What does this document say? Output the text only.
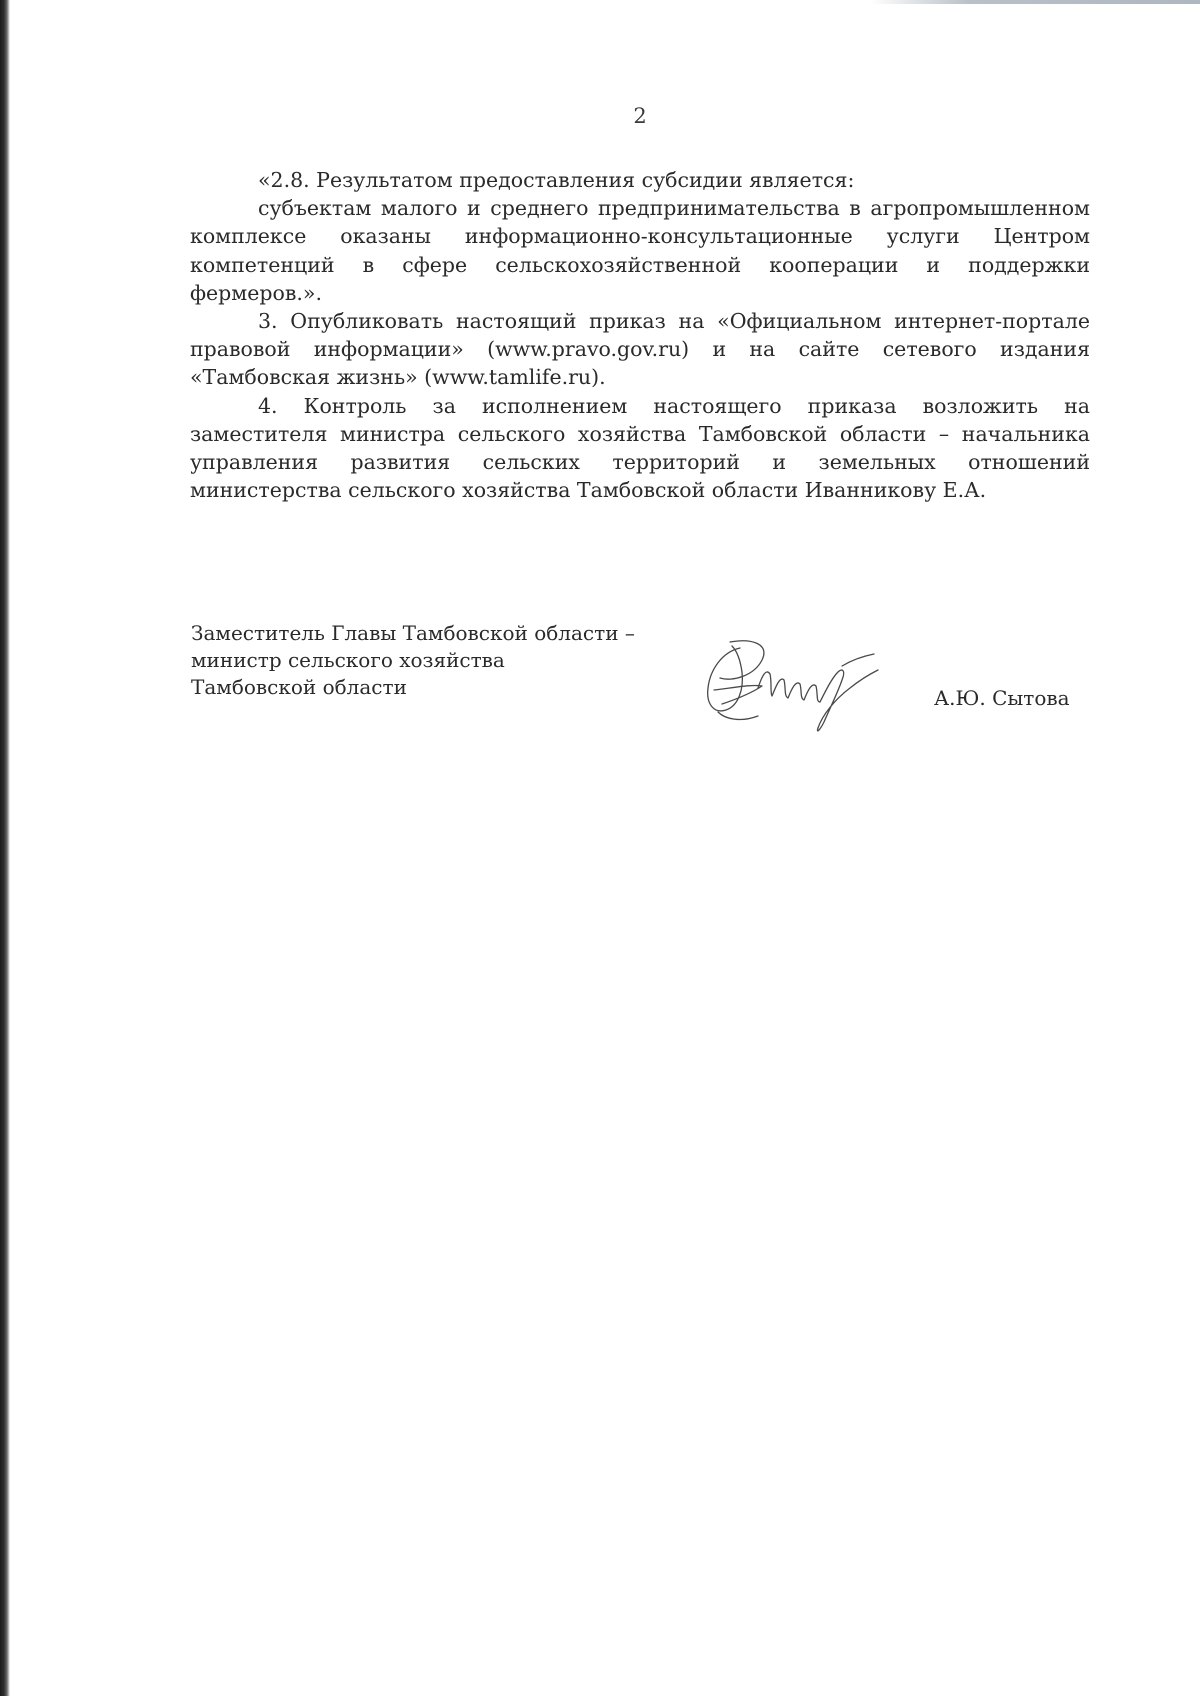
2

«2.8. Результатом предоставления субсидии является:

субъектам малого и среднего предпринимательства в агропромышленном комплексе оказаны информационно-консультационные услуги Центром компетенций в сфере сельскохозяйственной кооперации и поддержки фермеров.».

3. Опубликовать настоящий приказ на «Официальном интернет-портале правовой информации» (www.pravo.gov.ru) и на сайте сетевого издания «Тамбовская жизнь» (www.tamlife.ru).

4. Контроль за исполнением настоящего приказа возложить на заместителя министра сельского хозяйства Тамбовской области – начальника управления развития сельских территорий и земельных отношений министерства сельского хозяйства Тамбовской области Иванникову Е.А.

Заместитель Главы Тамбовской области –
министр сельского хозяйства
Тамбовской области	А.Ю. Сытова
